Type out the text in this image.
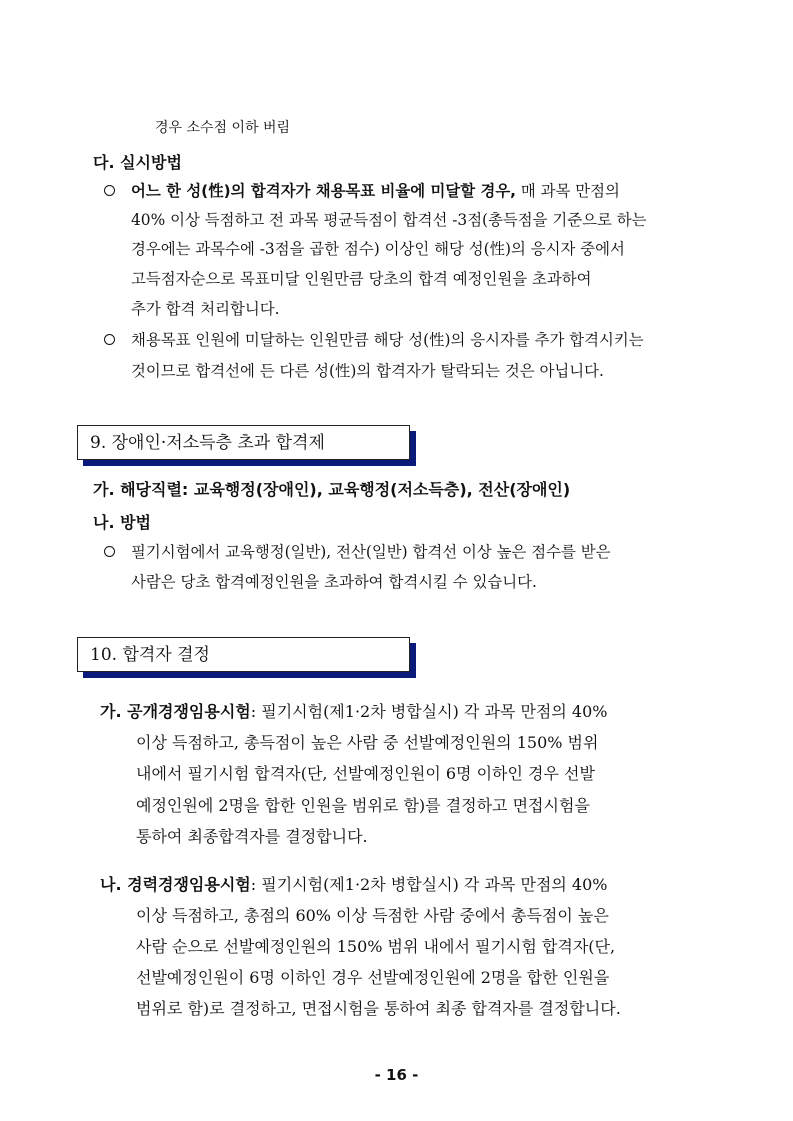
경우 소수점 이하 버림
다. 실시방법
어느 한 성(性)의 합격자가 채용목표 비율에 미달할 경우, 매 과목 만점의
40% 이상 득점하고 전 과목 평균득점이 합격선 -3점(총득점을 기준으로 하는
경우에는 과목수에 -3점을 곱한 점수) 이상인 해당 성(性)의 응시자 중에서
고득점자순으로 목표미달 인원만큼 당초의 합격 예정인원을 초과하여
추가 합격 처리합니다.
채용목표 인원에 미달하는 인원만큼 해당 성(性)의 응시자를 추가 합격시키는
것이므로 합격선에 든 다른 성(性)의 합격자가 탈락되는 것은 아닙니다.
9. 장애인·저소득층 초과 합격제
가. 해당직렬: 교육행정(장애인), 교육행정(저소득층), 전산(장애인)
나. 방법
필기시험에서 교육행정(일반), 전산(일반) 합격선 이상 높은 점수를 받은
사람은 당초 합격예정인원을 초과하여 합격시킬 수 있습니다.
10. 합격자 결정
가. 공개경쟁임용시험: 필기시험(제1·2차 병합실시) 각 과목 만점의 40%
이상 득점하고, 총득점이 높은 사람 중 선발예정인원의 150% 범위
내에서 필기시험 합격자(단, 선발예정인원이 6명 이하인 경우 선발
예정인원에 2명을 합한 인원을 범위로 함)를 결정하고 면접시험을
통하여 최종합격자를 결정합니다.
나. 경력경쟁임용시험: 필기시험(제1·2차 병합실시) 각 과목 만점의 40%
이상 득점하고, 총점의 60% 이상 득점한 사람 중에서 총득점이 높은
사람 순으로 선발예정인원의 150% 범위 내에서 필기시험 합격자(단,
선발예정인원이 6명 이하인 경우 선발예정인원에 2명을 합한 인원을
범위로 함)로 결정하고, 면접시험을 통하여 최종 합격자를 결정합니다.
- 16 -
